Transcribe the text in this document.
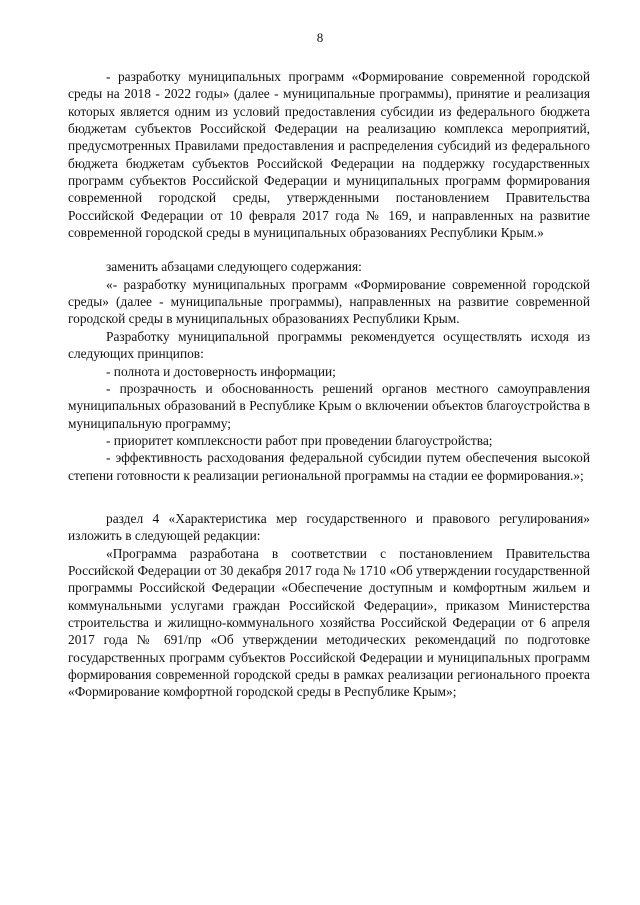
8

- разработку муниципальных программ «Формирование современной городской среды на 2018 - 2022 годы» (далее - муниципальные программы), принятие и реализация которых является одним из условий предоставления субсидии из федерального бюджета бюджетам субъектов Российской Федерации на реализацию комплекса мероприятий, предусмотренных Правилами предоставления и распределения субсидий из федерального бюджета бюджетам субъектов Российской Федерации на поддержку государственных программ субъектов Российской Федерации и муниципальных программ формирования современной городской среды, утвержденными постановлением Правительства Российской Федерации от 10 февраля 2017 года № 169, и направленных на развитие современной городской среды в муниципальных образованиях Республики Крым.»

заменить абзацами следующего содержания:

«- разработку муниципальных программ «Формирование современной городской среды» (далее - муниципальные программы), направленных на развитие современной городской среды в муниципальных образованиях Республики Крым.

Разработку муниципальной программы рекомендуется осуществлять исходя из следующих принципов:

- полнота и достоверность информации;

- прозрачность и обоснованность решений органов местного самоуправления муниципальных образований в Республике Крым о включении объектов благоустройства в муниципальную программу;

- приоритет комплексности работ при проведении благоустройства;

- эффективность расходования федеральной субсидии путем обеспечения высокой степени готовности к реализации региональной программы на стадии ее формирования.»;

раздел 4 «Характеристика мер государственного и правового регулирования» изложить в следующей редакции:

«Программа разработана в соответствии с постановлением Правительства Российской Федерации от 30 декабря 2017 года № 1710 «Об утверждении государственной программы Российской Федерации «Обеспечение доступным и комфортным жильем и коммунальными услугами граждан Российской Федерации», приказом Министерства строительства и жилищно-коммунального хозяйства Российской Федерации от 6 апреля 2017 года № 691/пр «Об утверждении методических рекомендаций по подготовке государственных программ субъектов Российской Федерации и муниципальных программ формирования современной городской среды в рамках реализации регионального проекта «Формирование комфортной городской среды в Республике Крым»;
